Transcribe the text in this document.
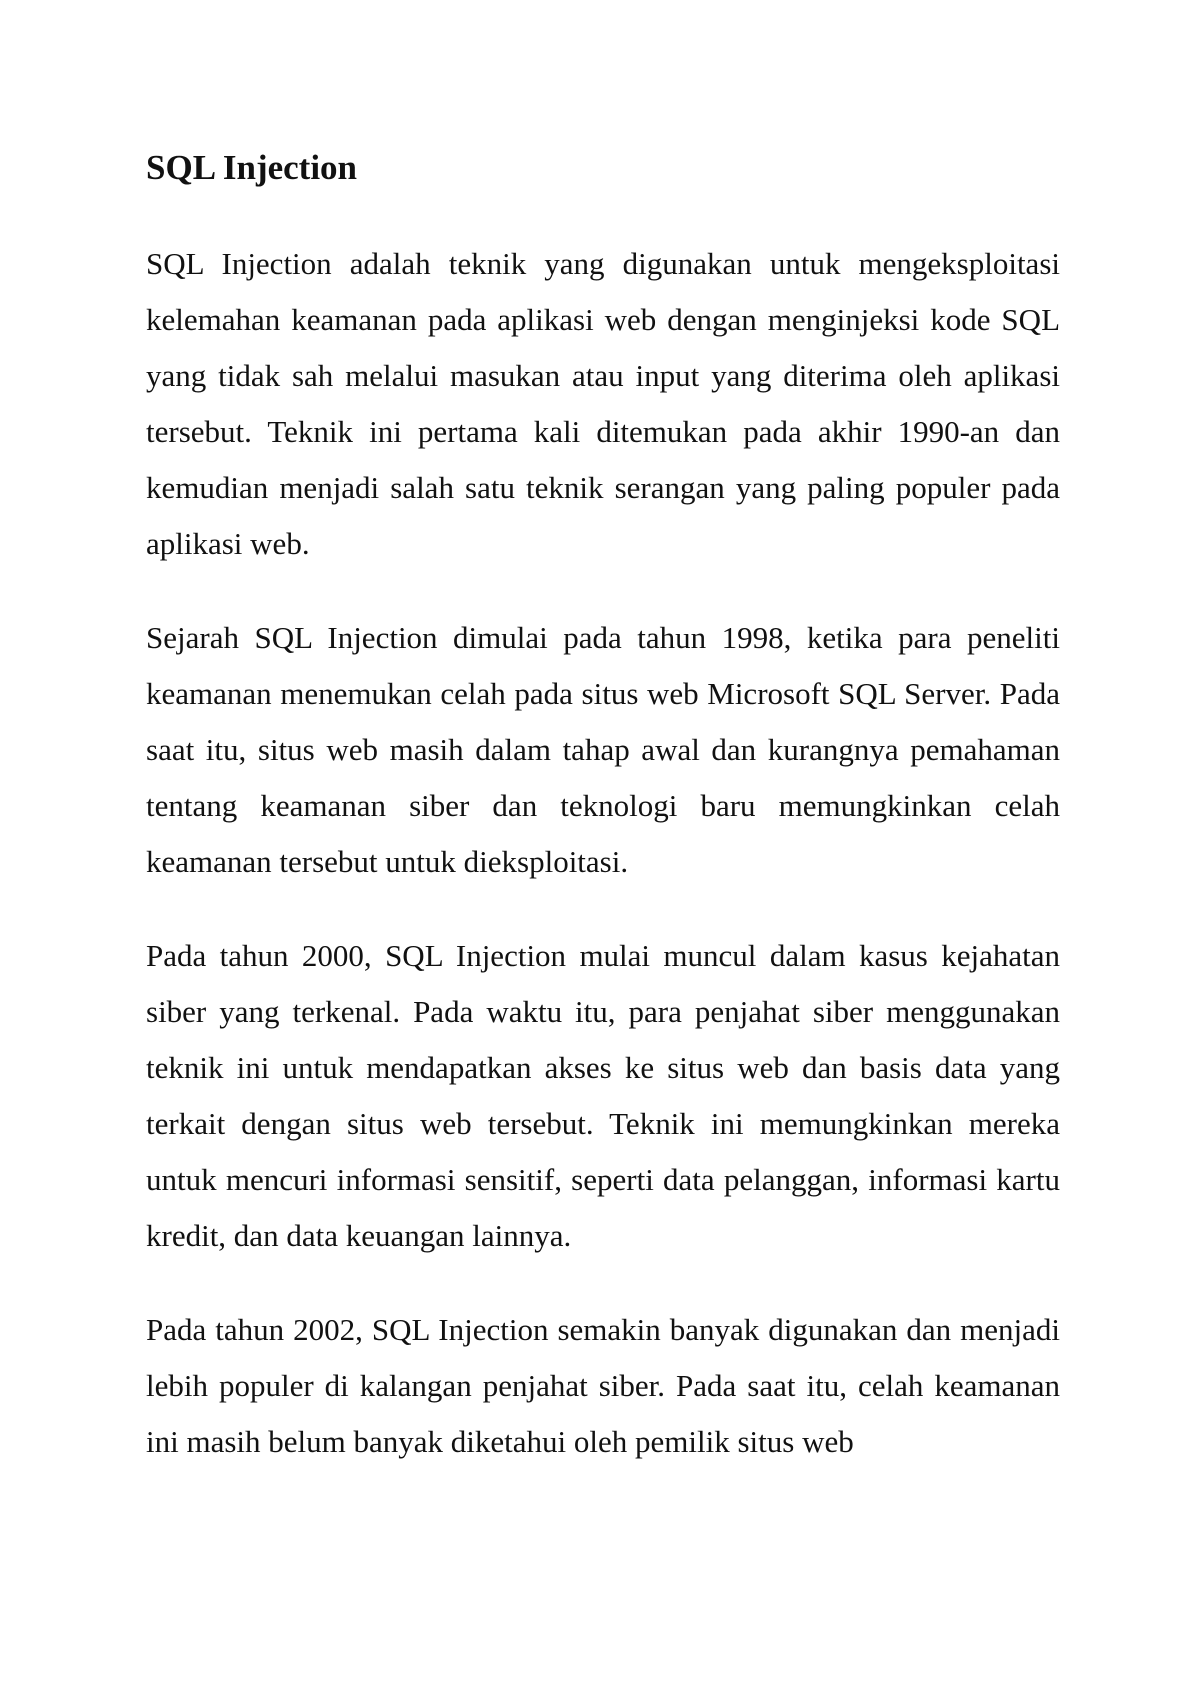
SQL Injection

SQL Injection adalah teknik yang digunakan untuk mengeksploitasi kelemahan keamanan pada aplikasi web dengan menginjeksi kode SQL yang tidak sah melalui masukan atau input yang diterima oleh aplikasi tersebut. Teknik ini pertama kali ditemukan pada akhir 1990-an dan kemudian menjadi salah satu teknik serangan yang paling populer pada aplikasi web.

Sejarah SQL Injection dimulai pada tahun 1998, ketika para peneliti keamanan menemukan celah pada situs web Microsoft SQL Server. Pada saat itu, situs web masih dalam tahap awal dan kurangnya pemahaman tentang keamanan siber dan teknologi baru memungkinkan celah keamanan tersebut untuk dieksploitasi.

Pada tahun 2000, SQL Injection mulai muncul dalam kasus kejahatan siber yang terkenal. Pada waktu itu, para penjahat siber menggunakan teknik ini untuk mendapatkan akses ke situs web dan basis data yang terkait dengan situs web tersebut. Teknik ini memungkinkan mereka untuk mencuri informasi sensitif, seperti data pelanggan, informasi kartu kredit, dan data keuangan lainnya.

Pada tahun 2002, SQL Injection semakin banyak digunakan dan menjadi lebih populer di kalangan penjahat siber. Pada saat itu, celah keamanan ini masih belum banyak diketahui oleh pemilik situs web
